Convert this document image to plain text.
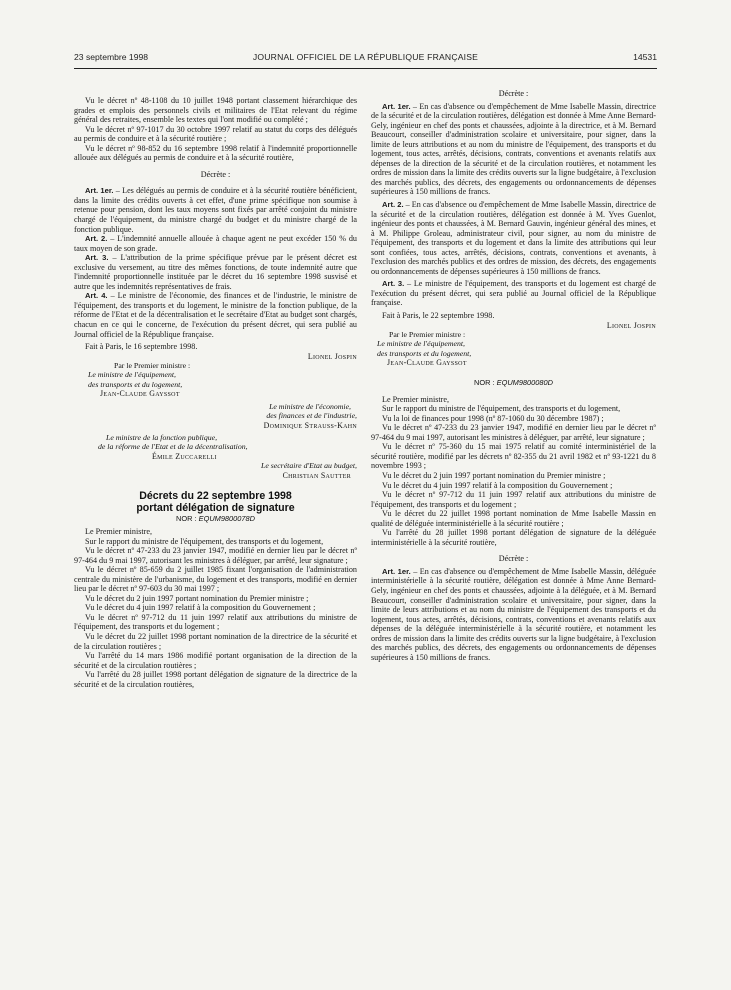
23 septembre 1998	JOURNAL OFFICIEL DE LA RÉPUBLIQUE FRANÇAISE	14531

Vu le décret nº 48-1108 du 10 juillet 1948 portant classement hiérarchique des grades et emplois des personnels civils et militaires de l'Etat relevant du régime général des retraites, ensemble les textes qui l'ont modifié ou complété ;

Vu le décret nº 97-1017 du 30 octobre 1997 relatif au statut du corps des délégués au permis de conduire et à la sécurité routière ;

Vu le décret nº 98-852 du 16 septembre 1998 relatif à l'indemnité proportionnelle allouée aux délégués au permis de conduire et à la sécurité routière,

Décrète :

Art. 1er. – Les délégués au permis de conduire et à la sécurité routière bénéficient, dans la limite des crédits ouverts à cet effet, d'une prime spécifique non soumise à retenue pour pension, dont les taux moyens sont fixés par arrêté conjoint du ministre chargé de l'équipement, du ministre chargé du budget et du ministre chargé de la fonction publique.

Art. 2. – L'indemnité annuelle allouée à chaque agent ne peut excéder 150 % du taux moyen de son grade.

Art. 3. – L'attribution de la prime spécifique prévue par le présent décret est exclusive du versement, au titre des mêmes fonctions, de toute indemnité autre que l'indemnité proportionnelle instituée par le décret du 16 septembre 1998 susvisé et autre que les indemnités représentatives de frais.

Art. 4. – Le ministre de l'économie, des finances et de l'industrie, le ministre de l'équipement, des transports et du logement, le ministre de la fonction publique, de la réforme de l'Etat et de la décentralisation et le secrétaire d'Etat au budget sont chargés, chacun en ce qui le concerne, de l'exécution du présent décret, qui sera publié au Journal officiel de la République française.

Fait à Paris, le 16 septembre 1998.

Lionel Jospin

Par le Premier ministre :

Le ministre de l'équipement,

des transports et du logement,

Jean-Claude Gayssot

Le ministre de l'économie,

des finances et de l'industrie,

Dominique Strauss-Kahn

Le ministre de la fonction publique,

de la réforme de l'Etat et de la décentralisation,

Émile Zuccarelli

Le secrétaire d'Etat au budget,

Christian Sautter

Décrets du 22 septembre 1998

portant délégation de signature

NOR : EQUM9800078D

Le Premier ministre,

Sur le rapport du ministre de l'équipement, des transports et du logement,

Vu le décret nº 47-233 du 23 janvier 1947, modifié en dernier lieu par le décret nº 97-464 du 9 mai 1997, autorisant les ministres à déléguer, par arrêté, leur signature ;

Vu le décret nº 85-659 du 2 juillet 1985 fixant l'organisation de l'administration centrale du ministère de l'urbanisme, du logement et des transports, modifié en dernier lieu par le décret nº 97-603 du 30 mai 1997 ;

Vu le décret du 2 juin 1997 portant nomination du Premier ministre ;

Vu le décret du 4 juin 1997 relatif à la composition du Gouvernement ;

Vu le décret nº 97-712 du 11 juin 1997 relatif aux attributions du ministre de l'équipement, des transports et du logement ;

Vu le décret du 22 juillet 1998 portant nomination de la directrice de la sécurité et de la circulation routières ;

Vu l'arrêté du 14 mars 1986 modifié portant organisation de la direction de la sécurité et de la circulation routières ;

Vu l'arrêté du 28 juillet 1998 portant délégation de signature de la directrice de la sécurité et de la circulation routières,

Décrète :

Art. 1er. – En cas d'absence ou d'empêchement de Mme Isabelle Massin, directrice de la sécurité et de la circulation routières, délégation est donnée à Mme Anne Bernard-Gely, ingénieur en chef des ponts et chaussées, adjointe à la directrice, et à M. Bernard Beaucourt, conseiller d'administration scolaire et universitaire, pour signer, dans la limite de leurs attributions et au nom du ministre de l'équipement, des transports et du logement, tous actes, arrêtés, décisions, contrats, conventions et avenants relatifs aux dépenses de la direction de la sécurité et de la circulation routières, et notamment les ordres de mission dans la limite des crédits ouverts sur la ligne budgétaire, à l'exclusion des marchés publics, des décrets, des engagements ou ordonnancements de dépenses supérieures à 150 millions de francs.

Art. 2. – En cas d'absence ou d'empêchement de Mme Isabelle Massin, directrice de la sécurité et de la circulation routières, délégation est donnée à M. Yves Guenlot, ingénieur des ponts et chaussées, à M. Bernard Gauvin, ingénieur général des mines, et à M. Philippe Groleau, administrateur civil, pour signer, au nom du ministre de l'équipement, des transports et du logement et dans la limite des attributions qui leur sont confiées, tous actes, arrêtés, décisions, contrats, conventions et avenants, à l'exclusion des marchés publics et des ordres de mission, des décrets, des engagements ou ordonnancements de dépenses supérieures à 150 millions de francs.

Art. 3. – Le ministre de l'équipement, des transports et du logement est chargé de l'exécution du présent décret, qui sera publié au Journal officiel de la République française.

Fait à Paris, le 22 septembre 1998.

Lionel Jospin

Par le Premier ministre :

Le ministre de l'équipement,

des transports et du logement,

Jean-Claude Gayssot

NOR : EQUM9800080D

Le Premier ministre,

Sur le rapport du ministre de l'équipement, des transports et du logement,

Vu la loi de finances pour 1998 (nº 87-1060 du 30 décembre 1987) ;

Vu le décret nº 47-233 du 23 janvier 1947, modifié en dernier lieu par le décret nº 97-464 du 9 mai 1997, autorisant les ministres à déléguer, par arrêté, leur signature ;

Vu le décret nº 75-360 du 15 mai 1975 relatif au comité interministériel de la sécurité routière, modifié par les décrets nº 82-355 du 21 avril 1982 et nº 93-1221 du 8 novembre 1993 ;

Vu le décret du 2 juin 1997 portant nomination du Premier ministre ;

Vu le décret du 4 juin 1997 relatif à la composition du Gouvernement ;

Vu le décret nº 97-712 du 11 juin 1997 relatif aux attributions du ministre de l'équipement, des transports et du logement ;

Vu le décret du 22 juillet 1998 portant nomination de Mme Isabelle Massin en qualité de déléguée interministérielle à la sécurité routière ;

Vu l'arrêté du 28 juillet 1998 portant délégation de signature de la déléguée interministérielle à la sécurité routière,

Décrète :

Art. 1er. – En cas d'absence ou d'empêchement de Mme Isabelle Massin, déléguée interministérielle à la sécurité routière, délégation est donnée à Mme Anne Bernard-Gely, ingénieur en chef des ponts et chaussées, adjointe à la déléguée, et à M. Bernard Beaucourt, conseiller d'administration scolaire et universitaire, pour signer, dans la limite de leurs attributions et au nom du ministre de l'équipement des transports et du logement, tous actes, arrêtés, décisions, contrats, conventions et avenants relatifs aux dépenses de la déléguée interministérielle à la sécurité routière, et notamment les ordres de mission dans la limite des crédits ouverts sur la ligne budgétaire, à l'exclusion des marchés publics, des décrets, des engagements ou ordonnancements de dépenses supérieures à 150 millions de francs.
